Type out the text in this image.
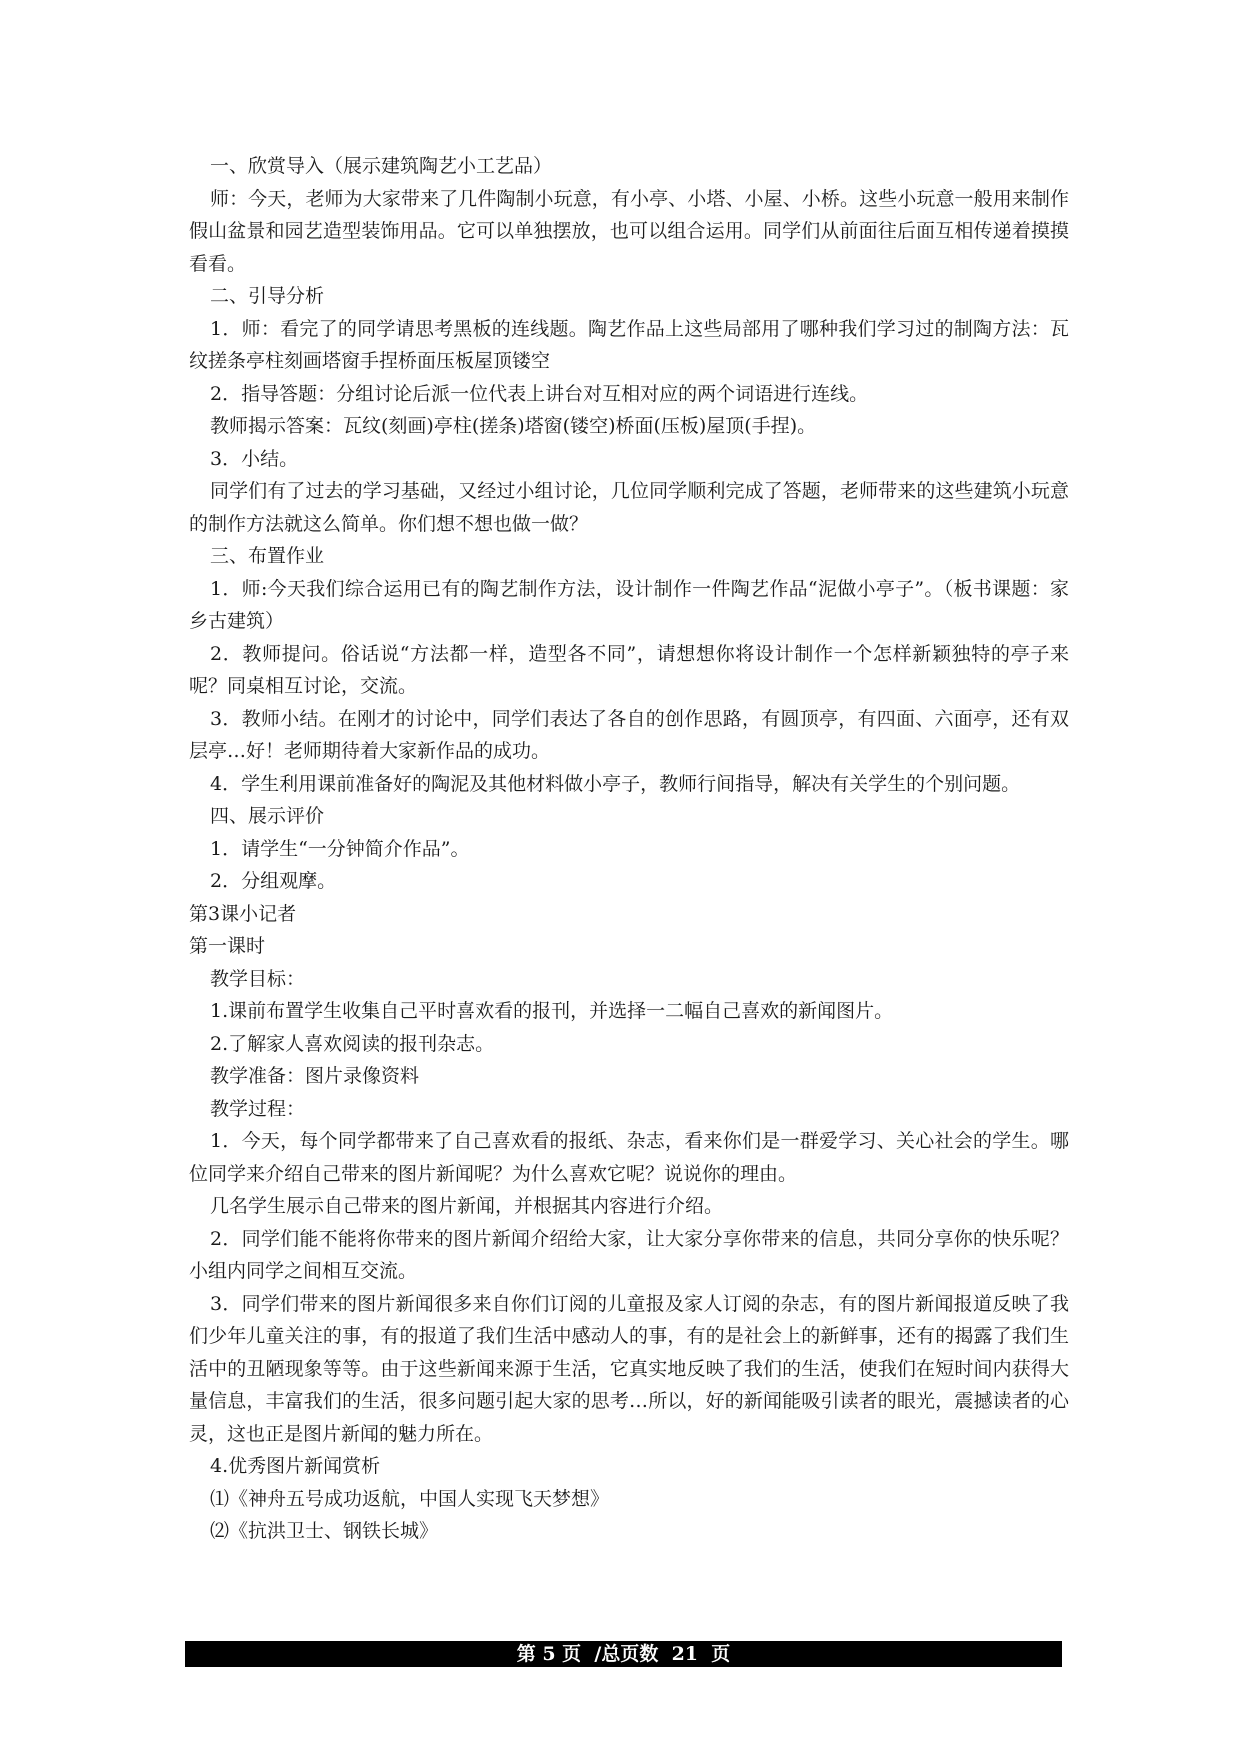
一、欣赏导入（展示建筑陶艺小工艺品）

师：今天，老师为大家带来了几件陶制小玩意，有小亭、小塔、小屋、小桥。这些小玩意一般用来制作假山盆景和园艺造型装饰用品。它可以单独摆放，也可以组合运用。同学们从前面往后面互相传递着摸摸看看。

二、引导分析

1．师：看完了的同学请思考黑板的连线题。陶艺作品上这些局部用了哪种我们学习过的制陶方法：瓦纹搓条亭柱刻画塔窗手捏桥面压板屋顶镂空

2．指导答题：分组讨论后派一位代表上讲台对互相对应的两个词语进行连线。

教师揭示答案：瓦纹(刻画)亭柱(搓条)塔窗(镂空)桥面(压板)屋顶(手捏)。

3．小结。

同学们有了过去的学习基础，又经过小组讨论，几位同学顺利完成了答题，老师带来的这些建筑小玩意的制作方法就这么简单。你们想不想也做一做？

三、布置作业

1．师:今天我们综合运用已有的陶艺制作方法，设计制作一件陶艺作品“泥做小亭子”。（板书课题：家乡古建筑）

2．教师提问。俗话说“方法都一样，造型各不同”，请想想你将设计制作一个怎样新颖独特的亭子来呢？同桌相互讨论，交流。

3．教师小结。在刚才的讨论中，同学们表达了各自的创作思路，有圆顶亭，有四面、六面亭，还有双层亭…好！老师期待着大家新作品的成功。

4．学生利用课前准备好的陶泥及其他材料做小亭子，教师行间指导，解决有关学生的个别问题。

四、展示评价

1．请学生“一分钟简介作品”。

2．分组观摩。

第3课小记者

第一课时

教学目标：

1.课前布置学生收集自己平时喜欢看的报刊，并选择一二幅自己喜欢的新闻图片。

2.了解家人喜欢阅读的报刊杂志。

教学准备：图片录像资料

教学过程：

1．今天，每个同学都带来了自己喜欢看的报纸、杂志，看来你们是一群爱学习、关心社会的学生。哪位同学来介绍自己带来的图片新闻呢？为什么喜欢它呢？说说你的理由。

几名学生展示自己带来的图片新闻，并根据其内容进行介绍。

2．同学们能不能将你带来的图片新闻介绍给大家，让大家分享你带来的信息，共同分享你的快乐呢？小组内同学之间相互交流。

3．同学们带来的图片新闻很多来自你们订阅的儿童报及家人订阅的杂志，有的图片新闻报道反映了我们少年儿童关注的事，有的报道了我们生活中感动人的事，有的是社会上的新鲜事，还有的揭露了我们生活中的丑陋现象等等。由于这些新闻来源于生活，它真实地反映了我们的生活，使我们在短时间内获得大量信息，丰富我们的生活，很多问题引起大家的思考…所以，好的新闻能吸引读者的眼光，震撼读者的心灵，这也正是图片新闻的魅力所在。

4.优秀图片新闻赏析

⑴《神舟五号成功返航，中国人实现飞天梦想》

⑵《抗洪卫士、钢铁长城》

第 5 页  /总页数  21  页
